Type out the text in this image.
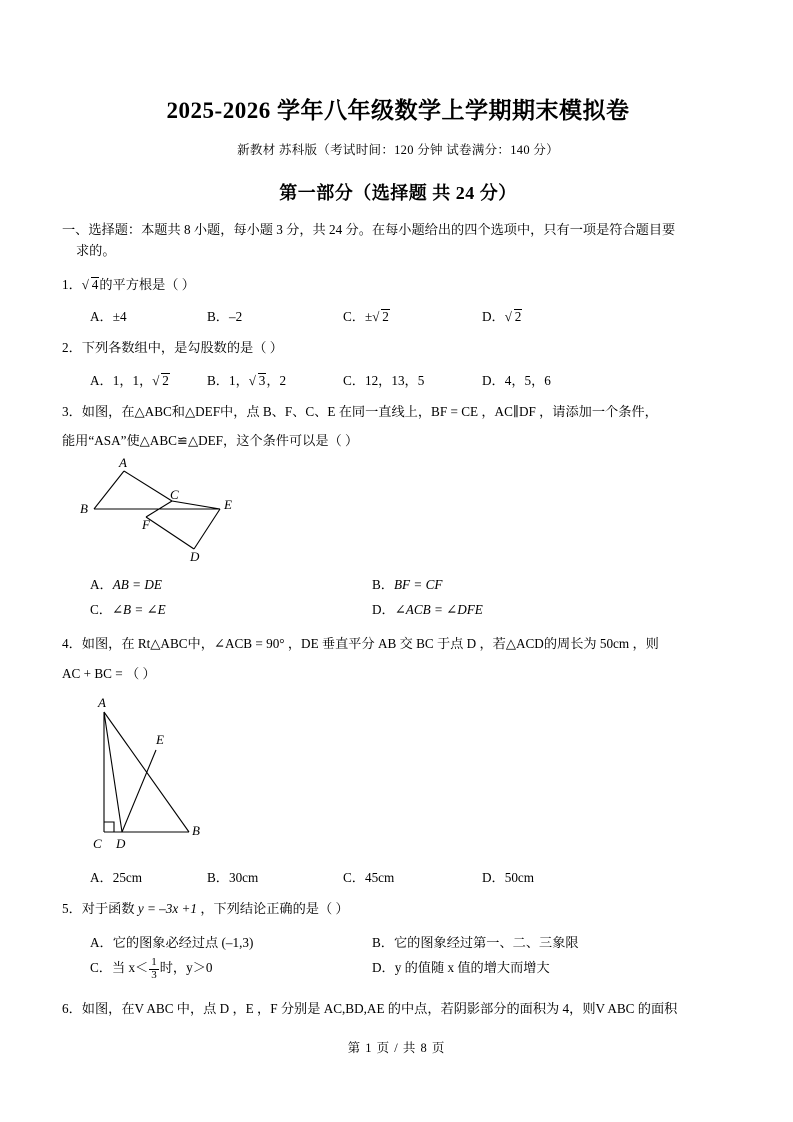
2025-2026 学年八年级数学上学期期末模拟卷
新教材 苏科版（考试时间：120 分钟 试卷满分：140 分）
第一部分（选择题 共 24 分）
一、选择题：本题共 8 小题，每小题 3 分，共 24 分。在每小题给出的四个选项中，只有一项是符合题目要
求的。
1． √ 4的平方根是（ ）
A．±4	B．–2	C．± √ 2	D． √ 2
2．下列各数组中，是勾股数的是（ ）
A．1，1， √ 2	B．1， √ 3，2	C．12，13，5	D．4，5，6
3．如图，在△ABC和△DEF中，点 B、F、C、E 在同一直线上，BF = CE ，AC∥DF ，请添加一个条件，
能用“ASA”使△ABC≌△DEF，这个条件可以是（ ）
A
B
C
D
E
F
A．AB = DE	B．BF = CF
C．∠B = ∠E	D．∠ACB = ∠DFE
4．如图，在 Rt△ABC中，∠ACB = 90° ，DE 垂直平分 AB 交 BC 于点 D ，若△ACD的周长为 50cm ，则
AC + BC = （ ）
A
B
C D
E
A．25cm	B．30cm	C．45cm	D．50cm
5．对于函数 y = –3x +1 ，下列结论正确的是（ ）
A．它的图象必经过点 (–1,3)	B．它的图象经过第一、二、三象限
C．当 $x< \frac{1}{3}$ 时，y＞0	D．y 的值随 x 值的增大而增大
6．如图，在V ABC 中，点 D ，E ，F 分别是 AC,BD,AE 的中点，若阴影部分的面积为 4，则V ABC 的面积
第 1 页 / 共 8 页
